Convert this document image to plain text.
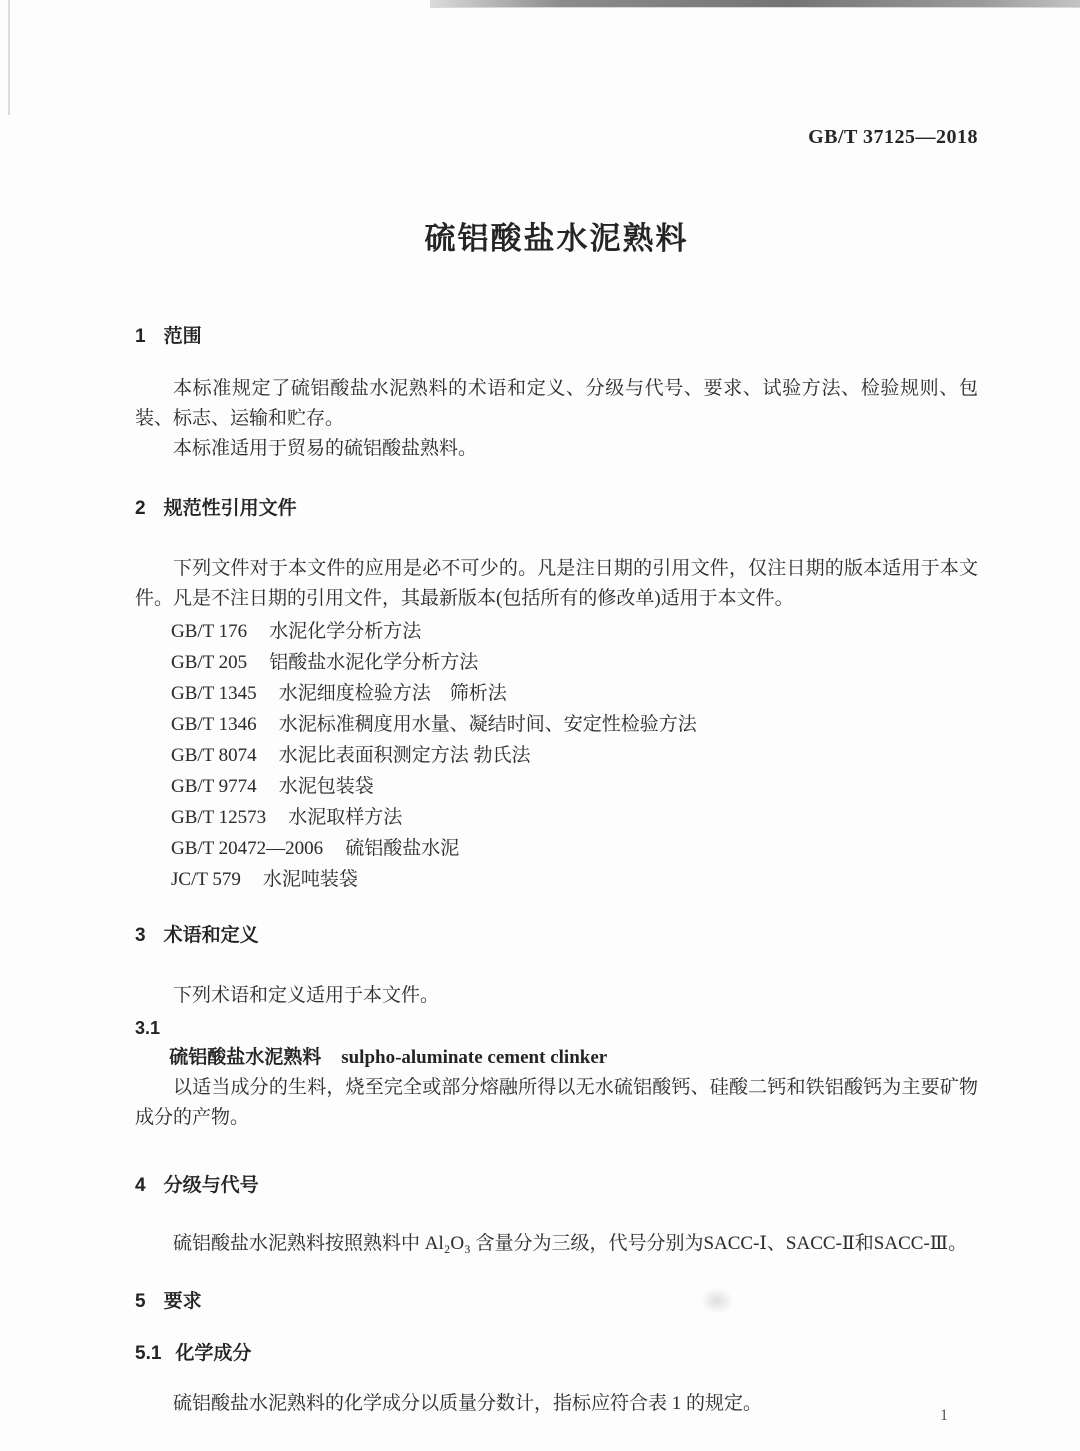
GB/T 37125—2018
硫铝酸盐水泥熟料
1 范围

本标准规定了硫铝酸盐水泥熟料的术语和定义、分级与代号、要求、试验方法、检验规则、包装、标志、运输和贮存。

本标准适用于贸易的硫铝酸盐熟料。

2 规范性引用文件

下列文件对于本文件的应用是必不可少的。凡是注日期的引用文件，仅注日期的版本适用于本文件。凡是不注日期的引用文件，其最新版本(包括所有的修改单)适用于本文件。

GB/T 176 水泥化学分析方法
GB/T 205 铝酸盐水泥化学分析方法
GB/T 1345 水泥细度检验方法　筛析法
GB/T 1346 水泥标准稠度用水量、凝结时间、安定性检验方法
GB/T 8074 水泥比表面积测定方法 勃氏法
GB/T 9774 水泥包装袋
GB/T 12573 水泥取样方法
GB/T 20472—2006 硫铝酸盐水泥
JC/T 579 水泥吨装袋
3 术语和定义

下列术语和定义适用于本文件。

3.1
硫铝酸盐水泥熟料 sulpho-aluminate cement clinker

以适当成分的生料，烧至完全或部分熔融所得以无水硫铝酸钙、硅酸二钙和铁铝酸钙为主要矿物成分的产物。

4 分级与代号

硫铝酸盐水泥熟料按照熟料中 Al₂O₃ 含量分为三级，代号分别为SACC-Ⅰ、SACC-Ⅱ和SACC-Ⅲ。

5 要求
5.1 化学成分

硫铝酸盐水泥熟料的化学成分以质量分数计，指标应符合表 1 的规定。

1
